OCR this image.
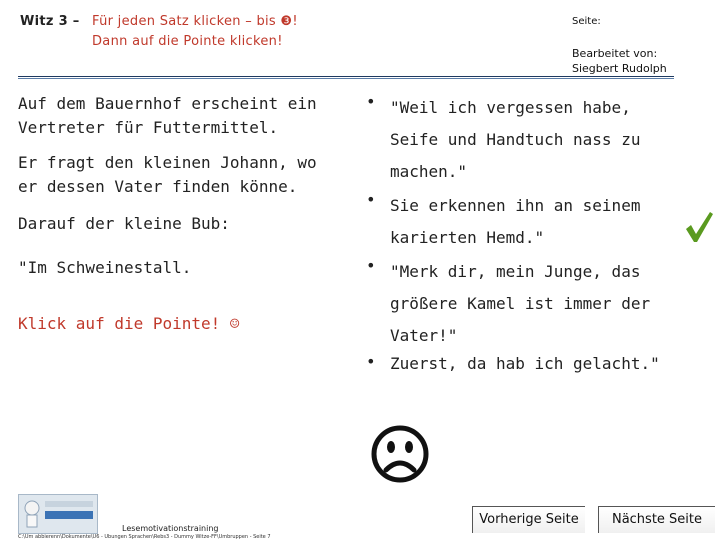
Witz 3 – Für jeden Satz klicken – bis ❸!
Dann auf die Pointe klicken!
Seite:
Bearbeitet von:
Siegbert Rudolph
Auf dem Bauernhof erscheint ein
Vertreter für Futtermittel.
Er fragt den kleinen Johann, wo
er dessen Vater finden könne.
Darauf der kleine Bub:
"Im Schweinestall.
Klick auf die Pointe! ☺
• "Weil ich vergessen habe,
Seife und Handtuch nass zu
machen."
• Sie erkennen ihn an seinem
karierten Hemd."
• "Merk dir, mein Junge, das
größere Kamel ist immer der
Vater!"
• Zuerst, da hab ich gelacht."
Lesemotivationstraining
C:\Um abbierenn\Dokumente\U6 - Übungen Sprachen\Rebs3 - Dummy Witze-FF\Umbruppen - Seite 7
Vorherige Seite	Nächste Seite
